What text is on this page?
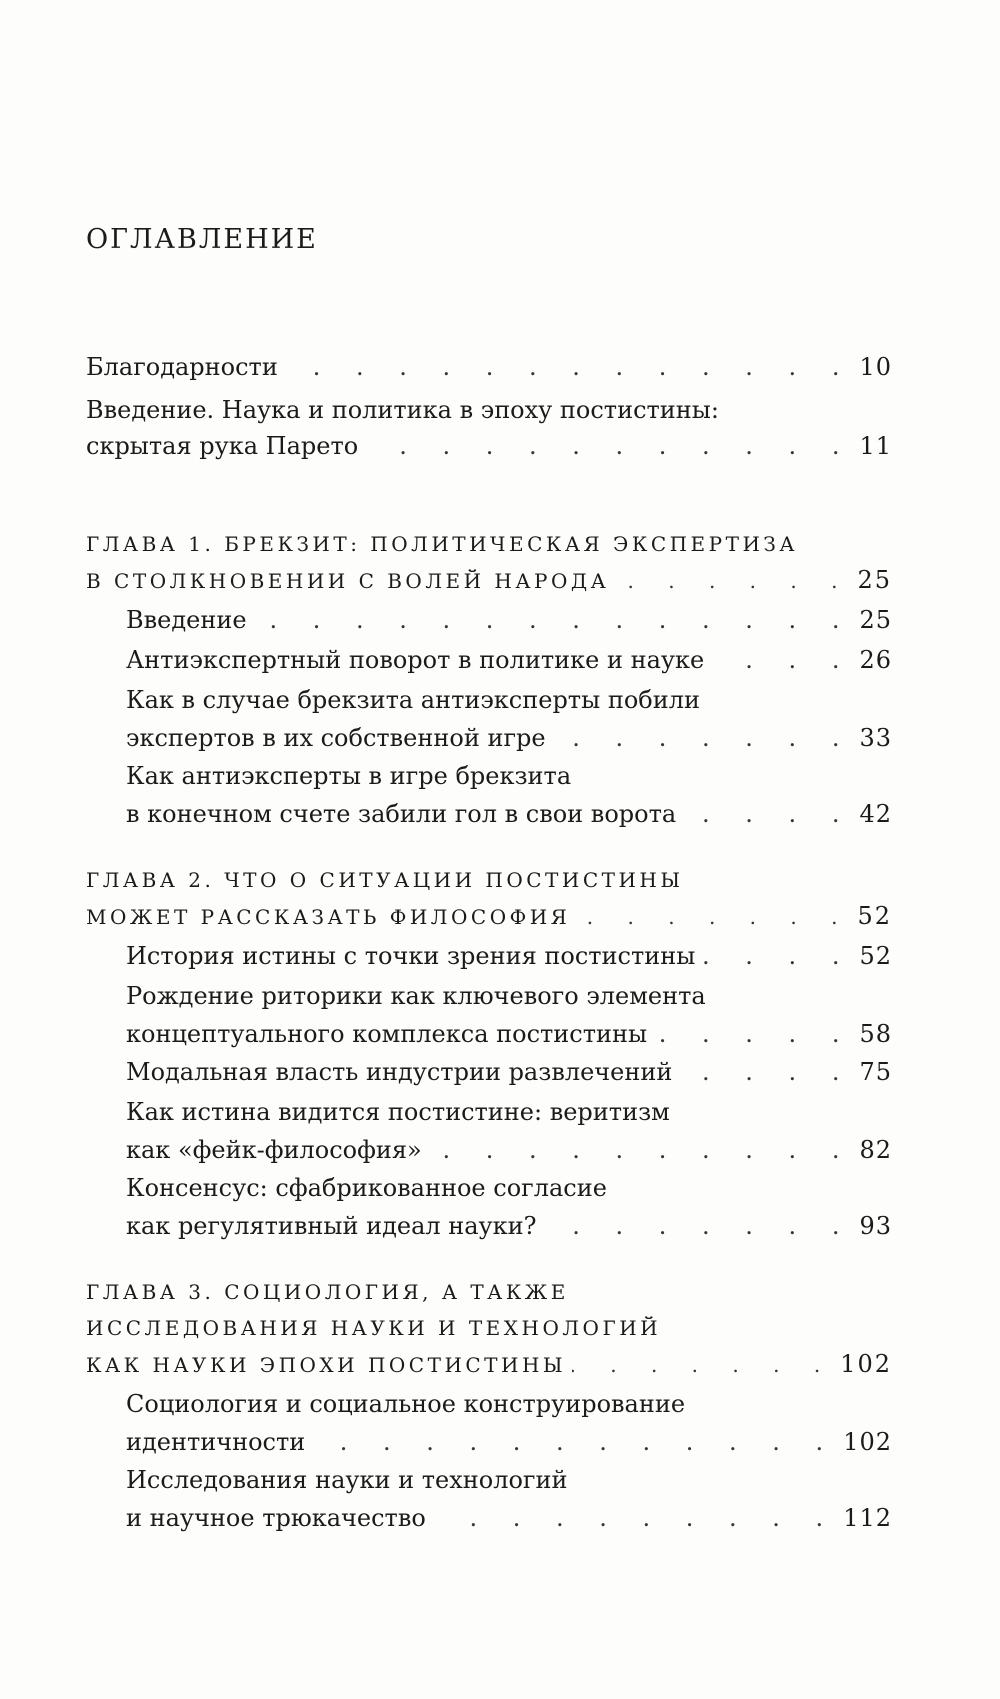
ОГЛАВЛЕНИЕ
Благодарности . . .	10
Введение. Наука и политика в эпоху постистины:
скрытая рука Парето . . .	11
ГЛАВА 1. БРЕКЗИТ: ПОЛИТИЧЕСКАЯ ЭКСПЕРТИЗА
В СТОЛКНОВЕНИИ С ВОЛЕЙ НАРОДА . . .	25
Введение . . .	25
Антиэкспертный поворот в политике и науке . . .	26
Как в случае брекзита антиэксперты побили
экспертов в их собственной игре . . .	33
Как антиэксперты в игре брекзита
в конечном счете забили гол в свои ворота . . .	42
ГЛАВА 2. ЧТО О СИТУАЦИИ ПОСТИСТИНЫ
МОЖЕТ РАССКАЗАТЬ ФИЛОСОФИЯ . . .	52
История истины с точки зрения постистины . . .	52
Рождение риторики как ключевого элемента
концептуального комплекса постистины . . .	58
Модальная власть индустрии развлечений . . .	75
Как истина видится постистине: веритизм
как «фейк-философия» . . .	82
Консенсус: сфабрикованное согласие
как регулятивный идеал науки? . . .	93
ГЛАВА 3. СОЦИОЛОГИЯ, А ТАКЖЕ
ИССЛЕДОВАНИЯ НАУКИ И ТЕХНОЛОГИЙ
КАК НАУКИ ЭПОХИ ПОСТИСТИНЫ . . .	102
Социология и социальное конструирование
идентичности . . .	102
Исследования науки и технологий
и научное трюкачество . . .	112
